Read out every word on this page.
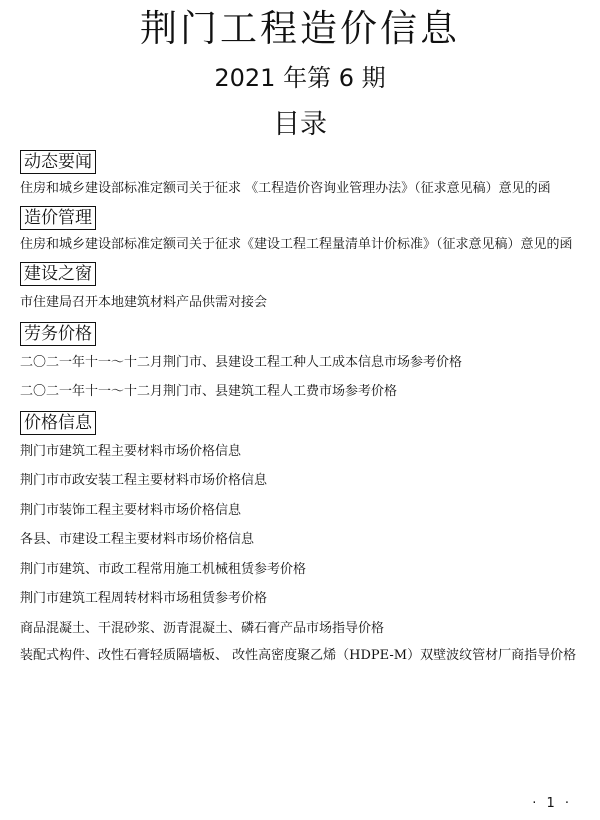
荆门工程造价信息
2021 年第 6 期
目录
动态要闻

住房和城乡建设部标准定额司关于征求 《工程造价咨询业管理办法》（征求意见稿）意见的函

造价管理

住房和城乡建设部标准定额司关于征求《建设工程工程量清单计价标准》（征求意见稿）意见的函

建设之窗

市住建局召开本地建筑材料产品供需对接会

劳务价格

二〇二一年十一～十二月荆门市、县建设工程工种人工成本信息市场参考价格

二〇二一年十一～十二月荆门市、县建筑工程人工费市场参考价格

价格信息

荆门市建筑工程主要材料市场价格信息

荆门市市政安装工程主要材料市场价格信息

荆门市装饰工程主要材料市场价格信息

各县、市建设工程主要材料市场价格信息

荆门市建筑、市政工程常用施工机械租赁参考价格

荆门市建筑工程周转材料市场租赁参考价格

商品混凝土、干混砂浆、沥青混凝土、磷石膏产品市场指导价格

装配式构件、改性石膏轻质隔墙板、 改性高密度聚乙烯（HDPE-M）双壁波纹管材厂商指导价格

· 1 ·
